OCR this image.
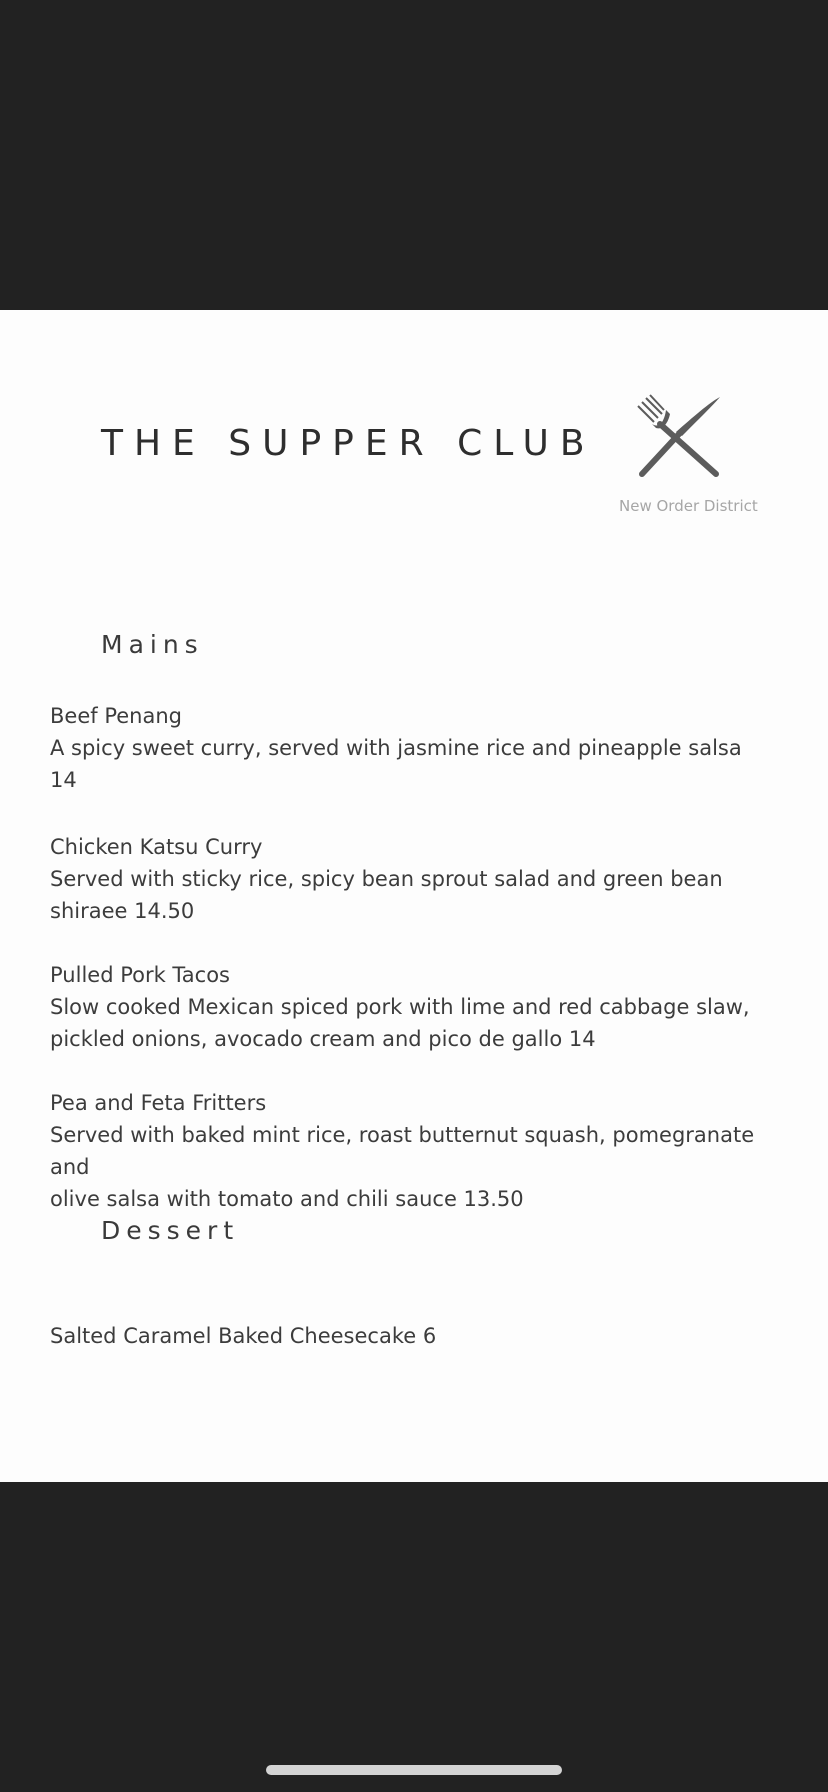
THE SUPPER CLUB
New Order District
Mains
Beef Penang
A spicy sweet curry, served with jasmine rice and pineapple salsa
14
Chicken Katsu Curry
Served with sticky rice, spicy bean sprout salad and green bean
shiraee 14.50
Pulled Pork Tacos
Slow cooked Mexican spiced pork with lime and red cabbage slaw,
pickled onions, avocado cream and pico de gallo 14
Pea and Feta Fritters
Served with baked mint rice, roast butternut squash, pomegranate and
olive salsa with tomato and chili sauce 13.50
Dessert
Salted Caramel Baked Cheesecake 6
